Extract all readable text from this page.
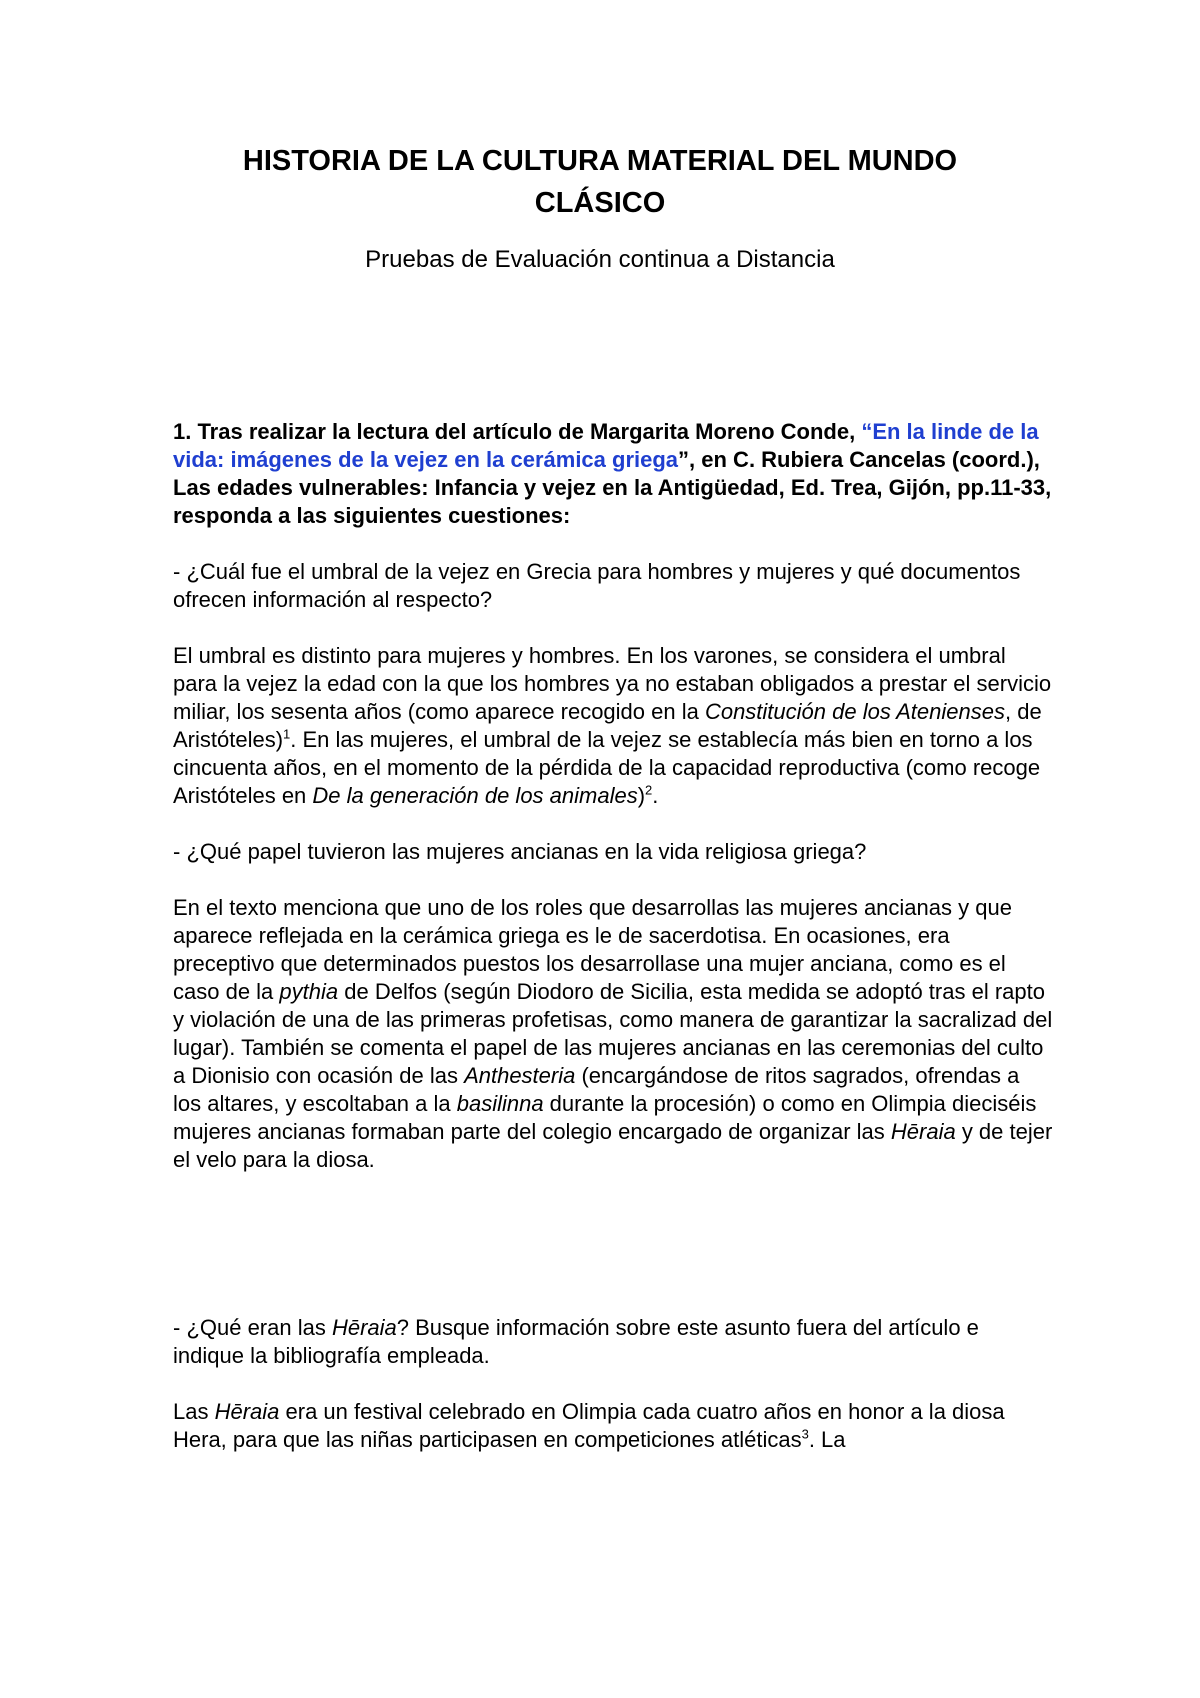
HISTORIA DE LA CULTURA MATERIAL DEL MUNDO
CLÁSICO

Pruebas de Evaluación continua a Distancia

1. Tras realizar la lectura del artículo de Margarita Moreno Conde, “En la linde de la vida: imágenes de la vejez en la cerámica griega”, en C. Rubiera Cancelas (coord.), Las edades vulnerables: Infancia y vejez en la Antigüedad, Ed. Trea, Gijón, pp.11-33, responda a las siguientes cuestiones:

- ¿Cuál fue el umbral de la vejez en Grecia para hombres y mujeres y qué documentos ofrecen información al respecto?

El umbral es distinto para mujeres y hombres. En los varones, se considera el umbral para la vejez la edad con la que los hombres ya no estaban obligados a prestar el servicio miliar, los sesenta años (como aparece recogido en la Constitución de los Atenienses, de Aristóteles)$^1$. En las mujeres, el umbral de la vejez se establecía más bien en torno a los cincuenta años, en el momento de la pérdida de la capacidad reproductiva (como recoge Aristóteles en De la generación de los animales)$^2$.

- ¿Qué papel tuvieron las mujeres ancianas en la vida religiosa griega?

En el texto menciona que uno de los roles que desarrollas las mujeres ancianas y que aparece reflejada en la cerámica griega es le de sacerdotisa. En ocasiones, era preceptivo que determinados puestos los desarrollase una mujer anciana, como es el caso de la pythia de Delfos (según Diodoro de Sicilia, esta medida se adoptó tras el rapto y violación de una de las primeras profetisas, como manera de garantizar la sacralizad del lugar). También se comenta el papel de las mujeres ancianas en las ceremonias del culto a Dionisio con ocasión de las Anthesteria (encargándose de ritos sagrados, ofrendas a los altares, y escoltaban a la basilinna durante la procesión) o como en Olimpia dieciséis mujeres ancianas formaban parte del colegio encargado de organizar las Hēraia y de tejer el velo para la diosa.

- ¿Qué eran las Hēraia? Busque información sobre este asunto fuera del artículo e indique la bibliografía empleada.

Las Hēraia era un festival celebrado en Olimpia cada cuatro años en honor a la diosa Hera, para que las niñas participasen en competiciones atléticas$^3$. La
